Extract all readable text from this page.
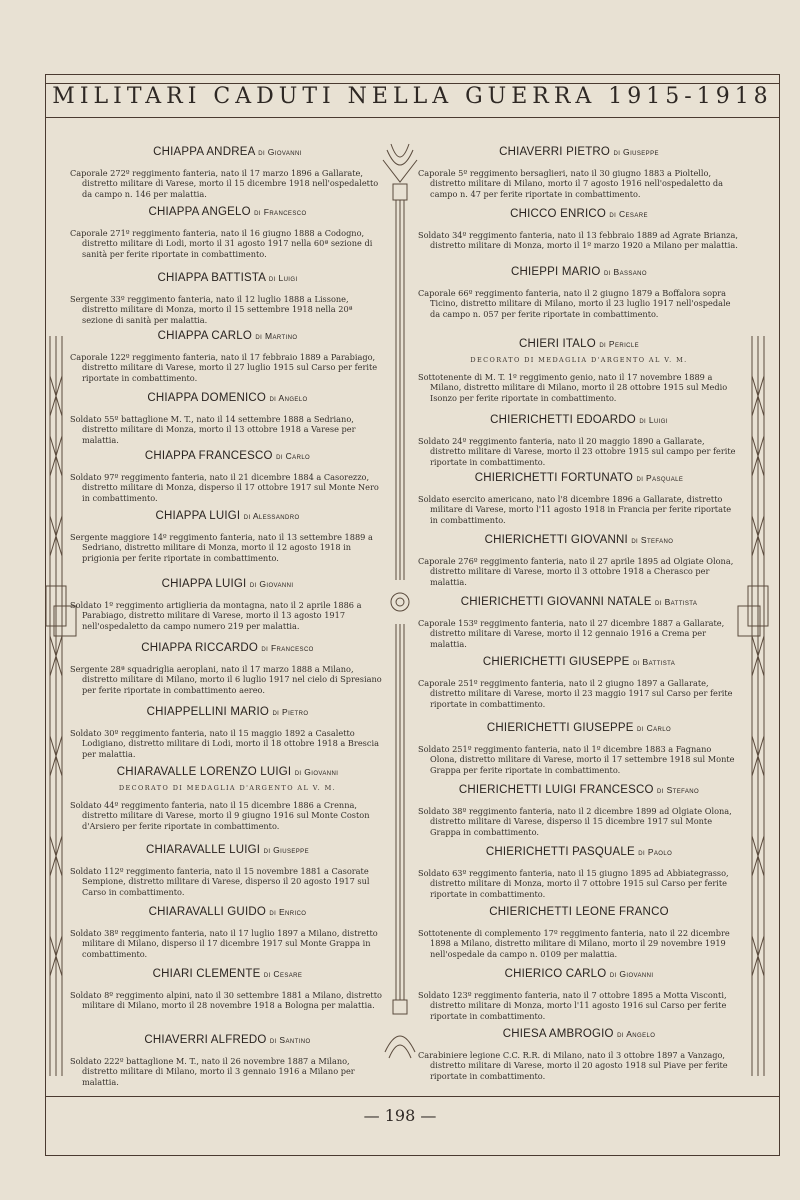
MILITARI CADUTI NELLA GUERRA 1915-1918
CHIAPPA ANDREA di Giovanni
Caporale 272º reggimento fanteria, nato il 17 marzo 1896 a Gallarate, distretto militare di Varese, morto il 15 dicembre 1918 nell'ospedaletto da campo n. 146 per malattia.
CHIAPPA ANGELO di Francesco
Caporale 271º reggimento fanteria, nato il 16 giugno 1888 a Codogno, distretto militare di Lodi, morto il 31 agosto 1917 nella 60ª sezione di sanità per ferite riportate in combattimento.
CHIAPPA BATTISTA di Luigi
Sergente 33º reggimento fanteria, nato il 12 luglio 1888 a Lissone, distretto militare di Monza, morto il 15 settembre 1918 nella 20ª sezione di sanità per malattia.
CHIAPPA CARLO di Martino
Caporale 122º reggimento fanteria, nato il 17 febbraio 1889 a Parabiago, distretto militare di Varese, morto il 27 luglio 1915 sul Carso per ferite riportate in combattimento.
CHIAPPA DOMENICO di Angelo
Soldato 55º battaglione M. T., nato il 14 settembre 1888 a Sedriano, distretto militare di Monza, morto il 13 ottobre 1918 a Varese per malattia.
CHIAPPA FRANCESCO di Carlo
Soldato 97º reggimento fanteria, nato il 21 dicembre 1884 a Casorezzo, distretto militare di Monza, disperso il 17 ottobre 1917 sul Monte Nero in combattimento.
CHIAPPA LUIGI di Alessandro
Sergente maggiore 14º reggimento fanteria, nato il 13 settembre 1889 a Sedriano, distretto militare di Monza, morto il 12 agosto 1918 in prigionia per ferite riportate in combattimento.
CHIAPPA LUIGI di Giovanni
Soldato 1º reggimento artiglieria da montagna, nato il 2 aprile 1886 a Parabiago, distretto militare di Varese, morto il 13 agosto 1917 nell'ospedaletto da campo numero 219 per malattia.
CHIAPPA RICCARDO di Francesco
Sergente 28ª squadriglia aeroplani, nato il 17 marzo 1888 a Milano, distretto militare di Milano, morto il 6 luglio 1917 nel cielo di Spresiano per ferite riportate in combattimento aereo.
CHIAPPELLINI MARIO di Pietro
Soldato 30º reggimento fanteria, nato il 15 maggio 1892 a Casaletto Lodigiano, distretto militare di Lodi, morto il 18 ottobre 1918 a Brescia per malattia.
CHIARAVALLE LORENZO LUIGI di Giovanni
DECORATO DI MEDAGLIA D'ARGENTO AL V. M.
Soldato 44º reggimento fanteria, nato il 15 dicembre 1886 a Crenna, distretto militare di Varese, morto il 9 giugno 1916 sul Monte Coston d'Arsiero per ferite riportate in combattimento.
CHIARAVALLE LUIGI di Giuseppe
Soldato 112º reggimento fanteria, nato il 15 novembre 1881 a Casorate Sempione, distretto militare di Varese, disperso il 20 agosto 1917 sul Carso in combattimento.
CHIARAVALLI GUIDO di Enrico
Soldato 38º reggimento fanteria, nato il 17 luglio 1897 a Milano, distretto militare di Milano, disperso il 17 dicembre 1917 sul Monte Grappa in combattimento.
CHIARI CLEMENTE di Cesare
Soldato 8º reggimento alpini, nato il 30 settembre 1881 a Milano, distretto militare di Milano, morto il 28 novembre 1918 a Bologna per malattia.
CHIAVERRI ALFREDO di Santino
Soldato 222º battaglione M. T., nato il 26 novembre 1887 a Milano, distretto militare di Milano, morto il 3 gennaio 1916 a Milano per malattia.
CHIAVERRI PIETRO di Giuseppe
Caporale 5º reggimento bersaglieri, nato il 30 giugno 1883 a Pioltello, distretto militare di Milano, morto il 7 agosto 1916 nell'ospedaletto da campo n. 47 per ferite riportate in combattimento.
CHICCO ENRICO di Cesare
Soldato 34º reggimento fanteria, nato il 13 febbraio 1889 ad Agrate Brianza, distretto militare di Monza, morto il 1º marzo 1920 a Milano per malattia.
CHIEPPI MARIO di Bassano
Caporale 66º reggimento fanteria, nato il 2 giugno 1879 a Boffalora sopra Ticino, distretto militare di Milano, morto il 23 luglio 1917 nell'ospedale da campo n. 057 per ferite riportate in combattimento.
CHIERI ITALO di Pericle
DECORATO DI MEDAGLIA D'ARGENTO AL V. M.
Sottotenente di M. T. 1º reggimento genio, nato il 17 novembre 1889 a Milano, distretto militare di Milano, morto il 28 ottobre 1915 sul Medio Isonzo per ferite riportate in combattimento.
CHIERICHETTI EDOARDO di Luigi
Soldato 24º reggimento fanteria, nato il 20 maggio 1890 a Gallarate, distretto militare di Varese, morto il 23 ottobre 1915 sul campo per ferite riportate in combattimento.
CHIERICHETTI FORTUNATO di Pasquale
Soldato esercito americano, nato l'8 dicembre 1896 a Gallarate, distretto militare di Varese, morto l'11 agosto 1918 in Francia per ferite riportate in combattimento.
CHIERICHETTI GIOVANNI di Stefano
Caporale 276º reggimento fanteria, nato il 27 aprile 1895 ad Olgiate Olona, distretto militare di Varese, morto il 3 ottobre 1918 a Cherasco per malattia.
CHIERICHETTI GIOVANNI NATALE di Battista
Caporale 153º reggimento fanteria, nato il 27 dicembre 1887 a Gallarate, distretto militare di Varese, morto il 12 gennaio 1916 a Crema per malattia.
CHIERICHETTI GIUSEPPE di Battista
Caporale 251º reggimento fanteria, nato il 2 giugno 1897 a Gallarate, distretto militare di Varese, morto il 23 maggio 1917 sul Carso per ferite riportate in combattimento.
CHIERICHETTI GIUSEPPE di Carlo
Soldato 251º reggimento fanteria, nato il 1º dicembre 1883 a Fagnano Olona, distretto militare di Varese, morto il 17 settembre 1918 sul Monte Grappa per ferite riportate in combattimento.
CHIERICHETTI LUIGI FRANCESCO di Stefano
Soldato 38º reggimento fanteria, nato il 2 dicembre 1899 ad Olgiate Olona, distretto militare di Varese, disperso il 15 dicembre 1917 sul Monte Grappa in combattimento.
CHIERICHETTI PASQUALE di Paolo
Soldato 63º reggimento fanteria, nato il 15 giugno 1895 ad Abbiategrasso, distretto militare di Monza, morto il 7 ottobre 1915 sul Carso per ferite riportate in combattimento.
CHIERICHETTI LEONE FRANCO
Sottotenente di complemento 17º reggimento fanteria, nato il 22 dicembre 1898 a Milano, distretto militare di Milano, morto il 29 novembre 1919 nell'ospedale da campo n. 0109 per malattia.
CHIERICO CARLO di Giovanni
Soldato 123º reggimento fanteria, nato il 7 ottobre 1895 a Motta Visconti, distretto militare di Monza, morto l'11 agosto 1916 sul Carso per ferite riportate in combattimento.
CHIESA AMBROGIO di Angelo
Carabiniere legione C.C. R.R. di Milano, nato il 3 ottobre 1897 a Vanzago, distretto militare di Varese, morto il 20 agosto 1918 sul Piave per ferite riportate in combattimento.
— 198 —
